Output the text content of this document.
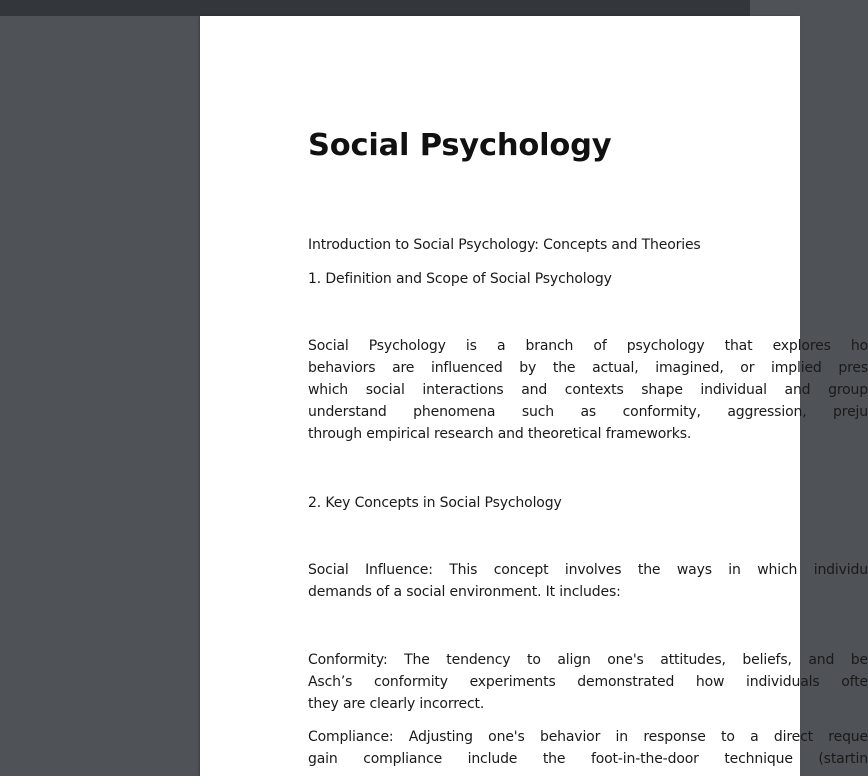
Social Psychology
Introduction to Social Psychology: Concepts and Theories
1. Definition and Scope of Social Psychology
Social Psychology is a branch of psychology that explores ho
behaviors are influenced by the actual, imagined, or implied pres
which social interactions and contexts shape individual and group
understand phenomena such as conformity, aggression, preju
through empirical research and theoretical frameworks.
2. Key Concepts in Social Psychology
Social Influence: This concept involves the ways in which individu
demands of a social environment. It includes:
Conformity: The tendency to align one's attitudes, beliefs, and be
Asch’s conformity experiments demonstrated how individuals ofte
they are clearly incorrect.
Compliance: Adjusting one's behavior in response to a direct reque
gain compliance include the foot-in-the-door technique (startin
